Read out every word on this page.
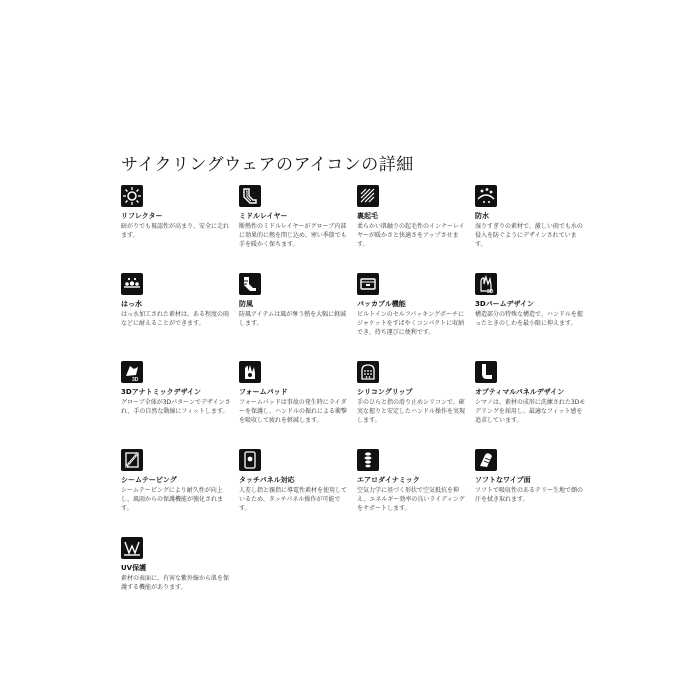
サイクリングウェアのアイコンの詳細
リフレクター
暗がりでも視認性が高まり、安全に走れます。
ミドルレイヤー
断熱性のミドルレイヤーがグローブ内部に効果的に熱を閉じ込め、寒い季節でも手を暖かく保ちます。
裏起毛
柔らかい肌触りの起毛性のインナーレイヤーが暖かさと快適さをアップさせます。
防水
湿りすぎりの素材で、激しい雨でも水の侵入を防ぐようにデザインされています。
はっ水
はっ水加工された素材は、ある程度の雨などに耐えることができます。
防風
防風アイテムは風が奪う熱を大幅に軽減します。
パッカブル機能
ビルトインのセルフパッキングポーチにジャケットをすばやくコンパクトに収納でき、持ち運びに便利です。
3D
3Dパームデザイン
構造部分の特殊な構造で、ハンドルを握ったときのしわを最小限に抑えます。
3D
3Dアナトミックデザイン
グローブ全体が3Dパターンでデザインされ、手の自然な動線にフィットします。
フォームパッド
フォームパッドは事故の発生時にライダーを保護し、ハンドルの振れによる衝撃を吸収して疲れを軽減します。
シリコングリップ
手のひらと指の滑り止めシリコンで、確実な握りと安定したハンドル操作を実現します。
オプティマルパネルデザイン
シマノは、素材の成形に洗練された3Dモデリングを採用し、最適なフィット感を追求しています。
シームテーピング
シームテーピングにより耐久性が向上し、風雨からの保護機能が強化されます。
タッチパネル対応
人差し指と親指に導電性素材を使用しているため、タッチパネル操作が可能です。
エアロダイナミック
空気力学に基づく形状で空気抵抗を抑え、エネルギー効率の良いライディングをサポートします。
ソフトなワイプ面
ソフトで吸収性のあるテリー生地で顔の汗を拭き取れます。
UV保護
素材の表面に、有害な紫外線から肌を保護する機能があります。
